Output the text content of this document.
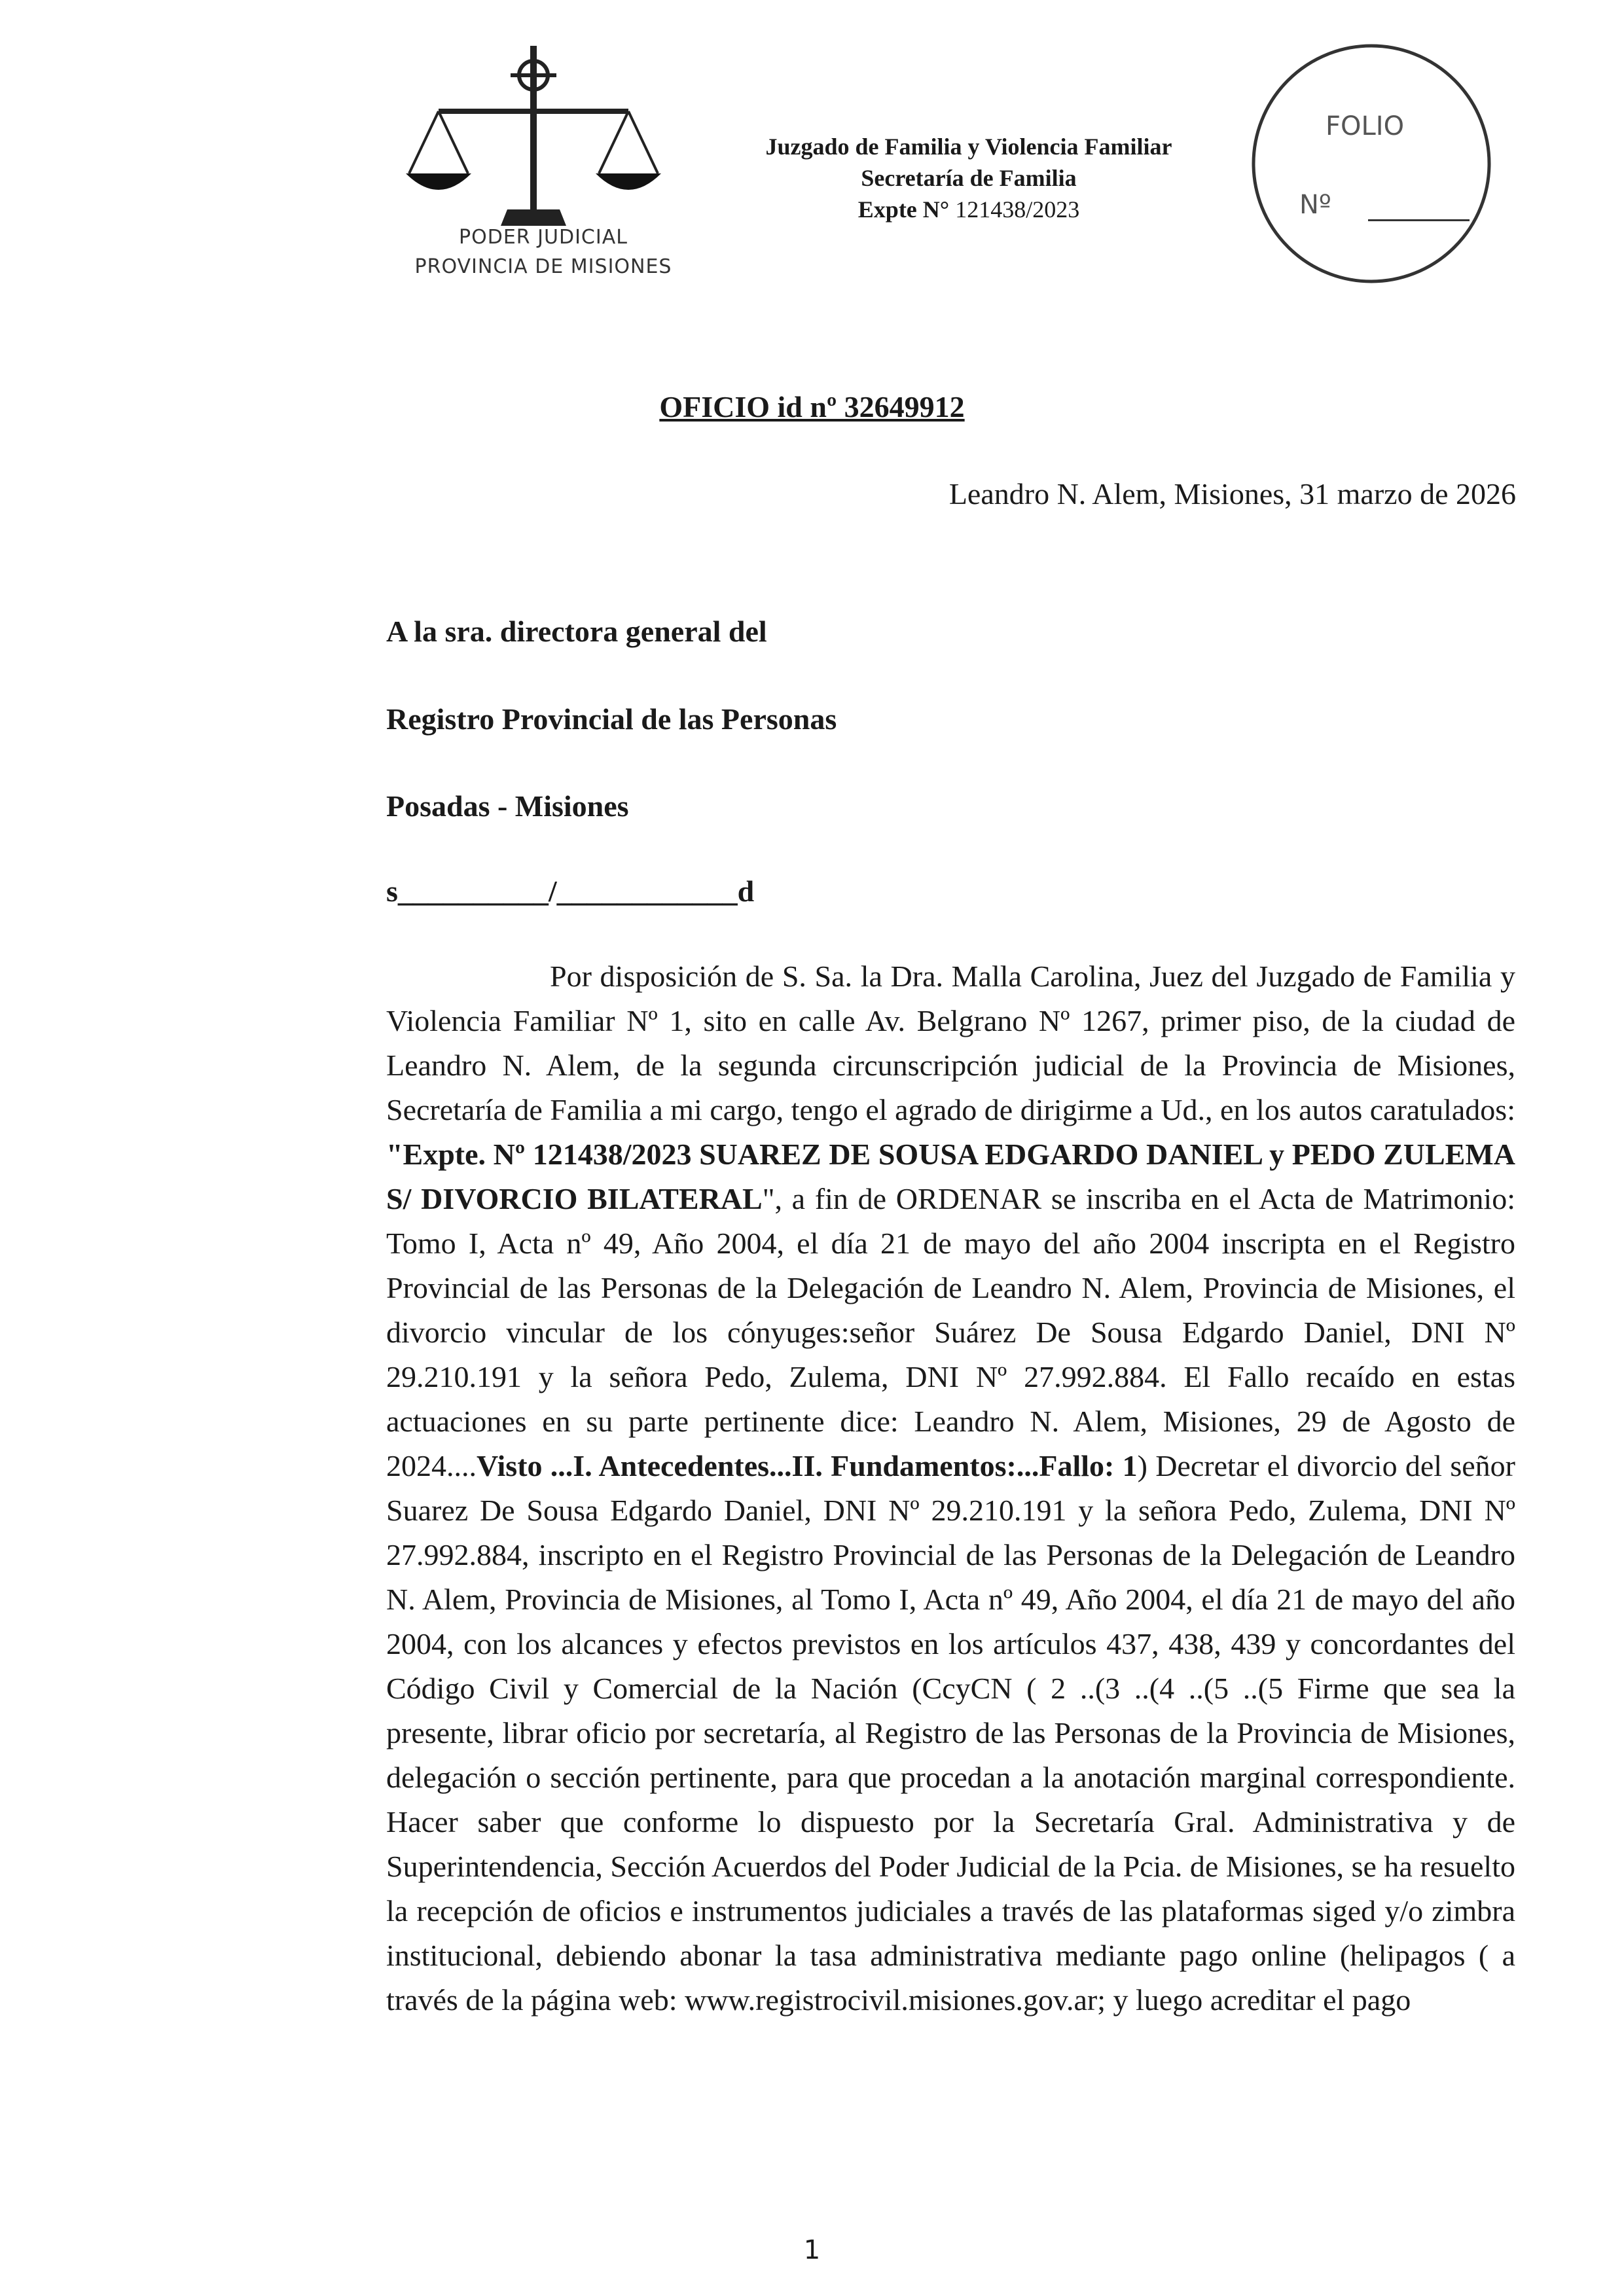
PODER JUDICIAL
PROVINCIA DE MISIONES
Juzgado de Familia y Violencia Familiar
Secretaría de Familia
Expte N° 121438/2023
FOLIO
Nº
OFICIO id nº 32649912
Leandro N. Alem, Misiones, 31 marzo de 2026
A la sra. directora general del
Registro Provincial de las Personas
Posadas - Misiones
s__________/____________d

Por disposición de S. Sa. la Dra. Malla Carolina, Juez del Juzgado de Familia y Violencia Familiar Nº 1, sito en calle Av. Belgrano Nº 1267, primer piso, de la ciudad de Leandro N. Alem, de la segunda circunscripción judicial de la Provincia de Misiones, Secretaría de Familia a mi cargo, tengo el agrado de dirigirme a Ud., en los autos caratulados: "Expte. Nº 121438/2023 SUAREZ DE SOUSA EDGARDO DANIEL y PEDO ZULEMA S/ DIVORCIO BILATERAL", a fin de ORDENAR se inscriba en el Acta de Matrimonio: Tomo I, Acta nº 49, Año 2004, el día 21 de mayo del año 2004 inscripta en el Registro Provincial de las Personas de la Delegación de Leandro N. Alem, Provincia de Misiones, el divorcio vincular de los cónyuges:señor Suárez De Sousa Edgardo Daniel, DNI Nº 29.210.191 y la señora Pedo, Zulema, DNI Nº 27.992.884. El Fallo recaído en estas actuaciones en su parte pertinente dice: Leandro N. Alem, Misiones, 29 de Agosto de 2024....Visto ...I. Antecedentes...II. Fundamentos:...Fallo: 1) Decretar el divorcio del señor Suarez De Sousa Edgardo Daniel, DNI Nº 29.210.191 y la señora Pedo, Zulema, DNI Nº 27.992.884, inscripto en el Registro Provincial de las Personas de la Delegación de Leandro N. Alem, Provincia de Misiones, al Tomo I, Acta nº 49, Año 2004, el día 21 de mayo del año 2004, con los alcances y efectos previstos en los artículos 437, 438, 439 y concordantes del Código Civil y Comercial de la Nación (CcyCN ( 2 ..(3 ..(4 ..(5 ..(5 Firme que sea la presente, librar oficio por secretaría, al Registro de las Personas de la Provincia de Misiones, delegación o sección pertinente, para que procedan a la anotación marginal correspondiente. Hacer saber que conforme lo dispuesto por la Secretaría Gral. Administrativa y de Superintendencia, Sección Acuerdos del Poder Judicial de la Pcia. de Misiones, se ha resuelto la recepción de oficios e instrumentos judiciales a través de las plataformas siged y/o zimbra institucional, debiendo abonar la tasa administrativa mediante pago online (helipagos ( a través de la página web: www.registrocivil.misiones.gov.ar; y luego acreditar el pago

1
